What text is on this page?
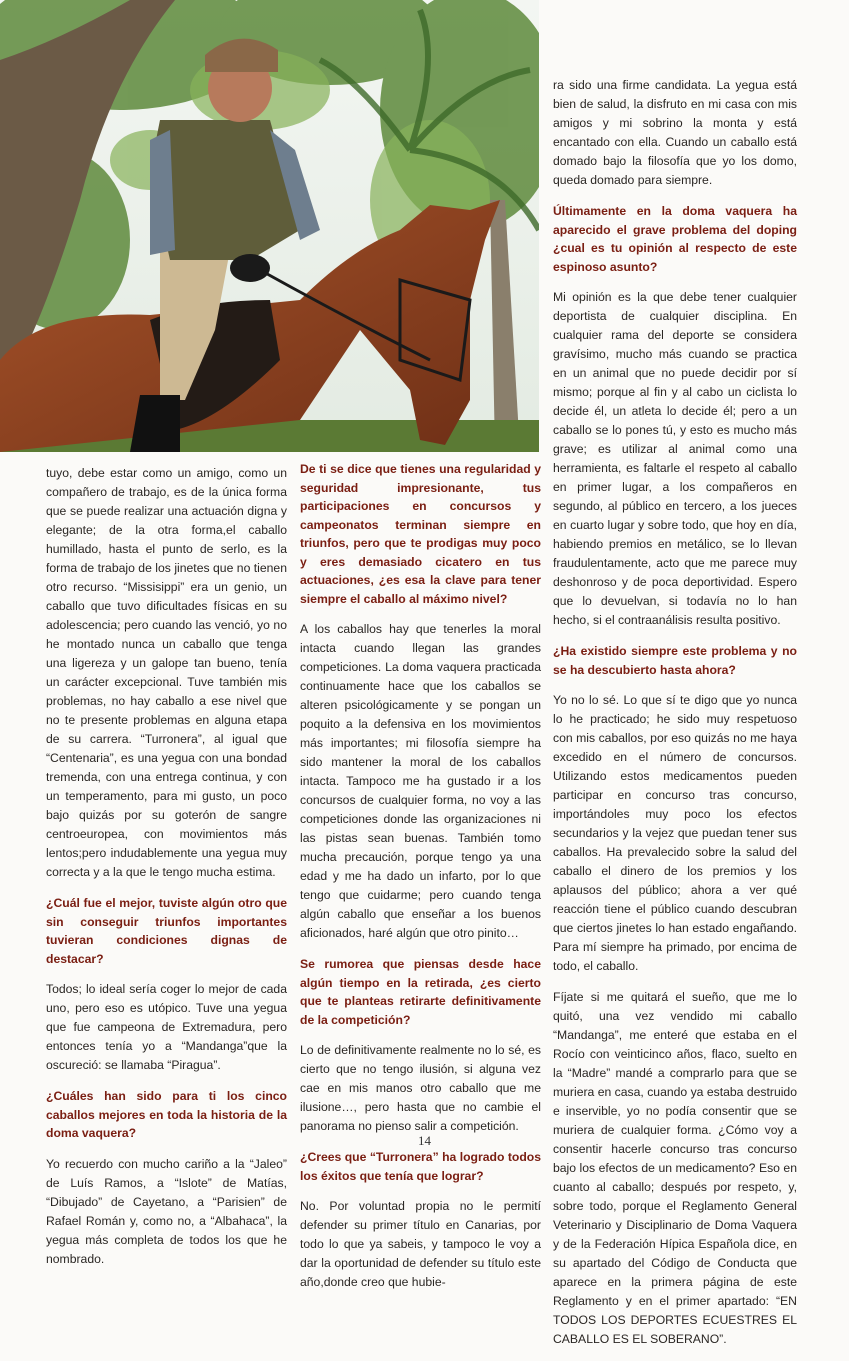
tuyo, debe estar como un amigo, como un compañero de trabajo, es de la única forma que se puede realizar una actuación digna y elegante; de la otra forma,el caballo humillado, hasta el punto de serlo, es la forma de trabajo de los jinetes que no tienen otro recurso. “Missisippi” era un genio, un caballo que tuvo dificultades físicas en su adolescencia; pero cuando las venció, yo no he montado nunca un caballo que tenga una ligereza y un galope tan bueno, tenía un carácter excepcional. Tuve también mis problemas, no hay caballo a ese nivel que no te presente problemas en alguna etapa de su carrera. “Turronera”, al igual que “Centenaria”, es una yegua con una bondad tremenda, con una entrega continua, y con un temperamento, para mi gusto, un poco bajo quizás por su goterón de sangre centroeuropea, con movimientos más lentos;pero indudablemente una yegua muy correcta y a la que le tengo mucha estima.

¿Cuál fue el mejor, tuviste algún otro que sin conseguir triunfos importantes tuvieran condiciones dignas de destacar?

Todos; lo ideal sería coger lo mejor de cada uno, pero eso es utópico. Tuve una yegua que fue campeona de Extremadura, pero entonces tenía yo a “Mandanga”que la oscureció: se llamaba “Piragua”.

¿Cuáles han sido para ti los cinco caballos mejores en toda la historia de la doma vaquera?

Yo recuerdo con mucho cariño a la “Jaleo” de Luís Ramos, a “Islote” de Matías, “Dibujado” de Cayetano, a “Parisien” de Rafael Román y, como no, a “Albahaca”, la yegua más completa de todos los que he nombrado.

De ti se dice que tienes una regularidad y seguridad impresionante, tus participaciones en concursos y campeonatos terminan siempre en triunfos, pero que te prodigas muy poco y eres demasiado cicatero en tus actuaciones, ¿es esa la clave para tener siempre el caballo al máximo nivel?

A los caballos hay que tenerles la moral intacta cuando llegan las grandes competiciones. La doma vaquera practicada continuamente hace que los caballos se alteren psicológicamente y se pongan un poquito a la defensiva en los movimientos más importantes; mi filosofía siempre ha sido mantener la moral de los caballos intacta. Tampoco me ha gustado ir a los concursos de cualquier forma, no voy a las competiciones donde las organizaciones ni las pistas sean buenas. También tomo mucha precaución, porque tengo ya una edad y me ha dado un infarto, por lo que tengo que cuidarme; pero cuando tenga algún caballo que enseñar a los buenos aficionados, haré algún que otro pinito…

Se rumorea que piensas desde hace algún tiempo en la retirada, ¿es cierto que te planteas retirarte definitivamente de la competición?

Lo de definitivamente realmente no lo sé, es cierto que no tengo ilusión, si alguna vez cae en mis manos otro caballo que me ilusione…, pero hasta que no cambie el panorama no pienso salir a competición.

¿Crees que “Turronera” ha logrado todos los éxitos que tenía que lograr?

No. Por voluntad propia no le permití defender su primer título en Canarias, por todo lo que ya sabeis, y tampoco le voy a dar la oportunidad de defender su título este año,donde creo que hubie-

ra sido una firme candidata. La yegua está bien de salud, la disfruto en mi casa con mis amigos y mi sobrino la monta y está encantado con ella. Cuando un caballo está domado bajo la filosofía que yo los domo, queda domado para siempre.

Últimamente en la doma vaquera ha aparecido el grave problema del doping ¿cual es tu opinión al respecto de este espinoso asunto?

Mi opinión es la que debe tener cualquier deportista de cualquier disciplina. En cualquier rama del deporte se considera gravísimo, mucho más cuando se practica en un animal que no puede decidir por sí mismo; porque al fin y al cabo un ciclista lo decide él, un atleta lo decide él; pero a un caballo se lo pones tú, y esto es mucho más grave; es utilizar al animal como una herramienta, es faltarle el respeto al caballo en primer lugar, a los compañeros en segundo, al público en tercero, a los jueces en cuarto lugar y sobre todo, que hoy en día, habiendo premios en metálico, se lo llevan fraudulentamente, acto que me parece muy deshonroso y de poca deportividad. Espero que lo devuelvan, si todavía no lo han hecho, si el contraanálisis resulta positivo.

¿Ha existido siempre este problema y no se ha descubierto hasta ahora?

Yo no lo sé. Lo que sí te digo que yo nunca lo he practicado; he sido muy respetuoso con mis caballos, por eso quizás no me haya excedido en el número de concursos. Utilizando estos medicamentos pueden participar en concurso tras concurso, importándoles muy poco los efectos secundarios y la vejez que puedan tener sus caballos. Ha prevalecido sobre la salud del caballo el dinero de los premios y los aplausos del público; ahora a ver qué reacción tiene el público cuando descubran que ciertos jinetes lo han estado engañando. Para mí siempre ha primado, por encima de todo, el caballo.

Fíjate si me quitará el sueño, que me lo quitó, una vez vendido mi caballo “Mandanga”, me enteré que estaba en el Rocío con veinticinco años, flaco, suelto en la “Madre” mandé a comprarlo para que se muriera en casa, cuando ya estaba destruido e inservible, yo no podía consentir que se muriera de cualquier forma. ¿Cómo voy a consentir hacerle concurso tras concurso bajo los efectos de un medicamento? Eso en cuanto al caballo; después por respeto, y, sobre todo, porque el Reglamento General Veterinario y Disciplinario de Doma Vaquera y de la Federación Hípica Española dice, en su apartado del Código de Conducta que aparece en la primera página de este Reglamento y en el primer apartado: “EN TODOS LOS DEPORTES ECUESTRES EL CABALLO ES EL SOBERANO”.

14
